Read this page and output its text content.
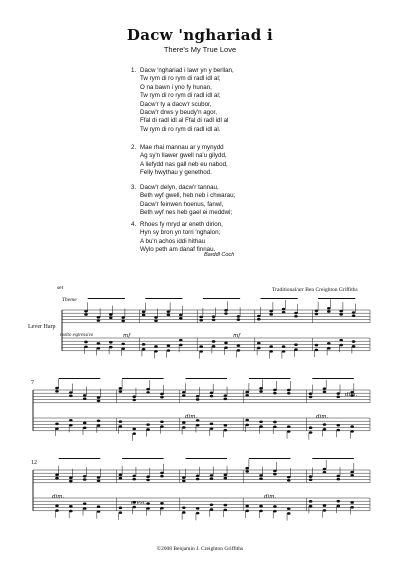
Dacw 'nghariad i
There's My True Love
1. Dacw 'nghariad i lawr yn y berllan,
Tw rym di ro rym di radl idl al;
O na bawn i yno fy hunan,
Tw rym di ro rym di radl idl al;
Dacw'r ty a dacw'r scubor,
Dacw'r drws y beudy'n agor,
Ffal di radl idl al Ffal di radl idl al
Tw rym di ro rym di radl idl al.
2. Mae rhai mannau ar y mynydd
Ag sy'n llawer gwell na'u gilydd,
A liefydd nas gall neb eu nabod,
Felly hwythau y genethod.
3. Dacw'r delyn, dacw'r tannau,
Beth wyf gwell, heb neb i chwarau;
Dacw'r feinwen hoenus, fanwl,
Beth wyf nes heb gael ei meddwl;
4. Rhoes fy mryd ar eneth dirion,
Hyn sy bron yn torri 'nghalon;
A bu'n achos iddi hithau
Wylo peth am danaf finnau.
Barddl Coch
set
Theme
Traditional/arr Ben Creighton Griffiths
Lever Harp
molto espressivo
7
12
mf	mf
dim.	dim.
dim.	dim.
cresc.
dim.
©2008 Benjamin J. Creighton Griffiths
